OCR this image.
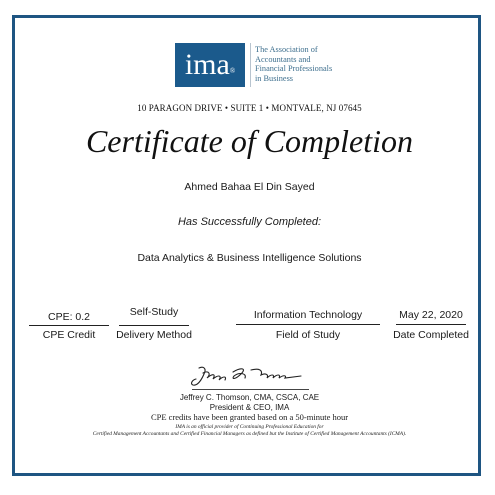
ima®
The Association of
Accountants and
Financial Professionals
in Business
10 PARAGON DRIVE • SUITE 1 • MONTVALE, NJ 07645
Certificate of Completion
Ahmed Bahaa El Din Sayed
Has Successfully Completed:
Data Analytics & Business Intelligence Solutions
CPE: 0.2
CPE Credit
Self-Study
Delivery Method
Information Technology
Field of Study
May 22, 2020
Date Completed
Jeffrey C. Thomson, CMA, CSCA, CAE
President & CEO, IMA
CPE credits have been granted based on a 50-minute hour
IMA is an official provider of Continuing Professional Education for
Certified Management Accountants and Certified Financial Managers as defined but the Institute of Certified Management Accountants (ICMA).
